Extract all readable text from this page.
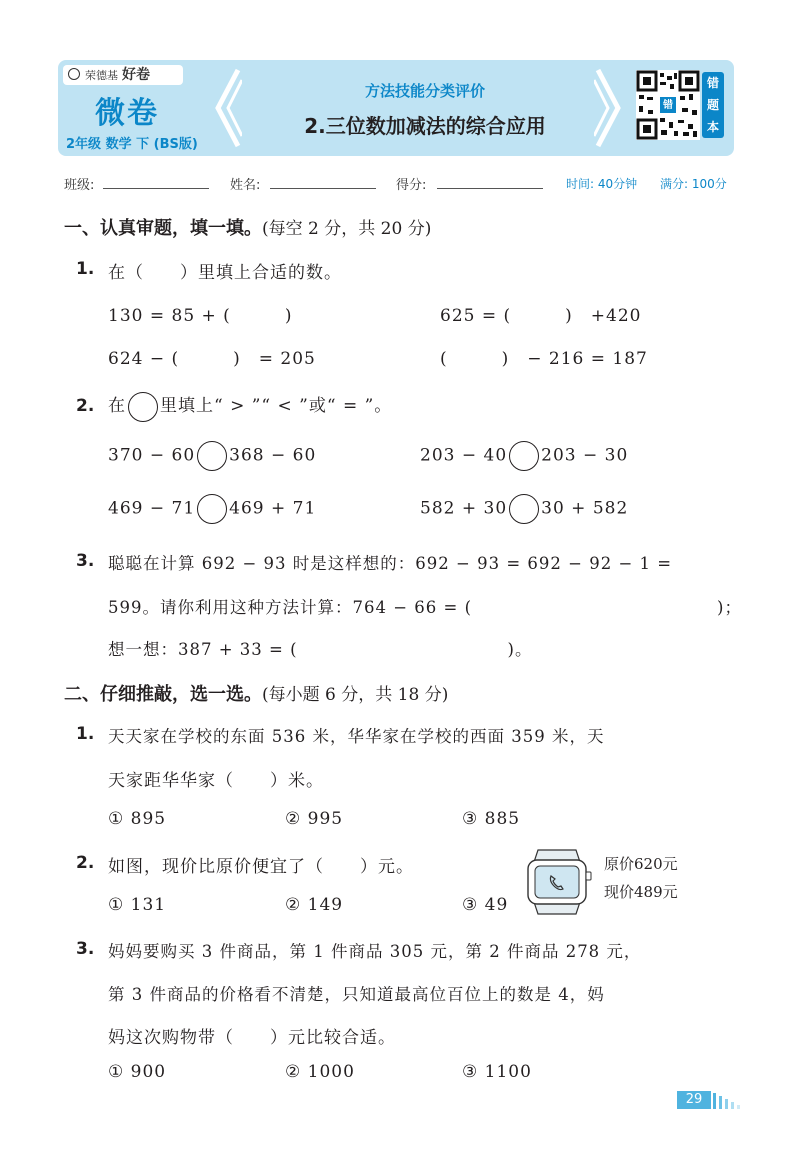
荣德基 好卷
微卷
2年级 数学 下 (BS版)
方法技能分类评价
2.三位数加减法的综合应用
错
错
题
本
班级:	姓名:	得分:	时间: 40分钟 满分: 100分
一、认真审题，填一填。(每空 2 分，共 20 分)
1. 在（　　）里填上合适的数。
130 = 85 + (　　　)	625 = (　　　)　+420
624 − (　　　)　= 205	(　　　)　− 216 = 187
2. 在 里填上“ > ”“ < ”或“ = ”。
370 − 60 368 − 60	203 − 40 203 − 30
469 − 71 469 + 71	582 + 30 30 + 582
3. 聪聪在计算 692 − 93 时是这样想的：692 − 93 = 692 − 92 − 1 =
599。请你利用这种方法计算：764 − 66 = (　　　　　　　　　　　　　　)；
想一想：387 + 33 = (　　　　　　　　　　　　)。
二、仔细推敲，选一选。(每小题 6 分，共 18 分)
1. 天天家在学校的东面 536 米，华华家在学校的西面 359 米，天
天家距华华家（　　）米。
① 895	② 995	③ 885
2. 如图，现价比原价便宜了（　　）元。
① 131	② 149	③ 49
原价620元
现价489元
3. 妈妈要购买 3 件商品，第 1 件商品 305 元，第 2 件商品 278 元，
第 3 件商品的价格看不清楚，只知道最高位百位上的数是 4，妈
妈这次购物带（　　）元比较合适。
① 900	② 1000	③ 1100
29
